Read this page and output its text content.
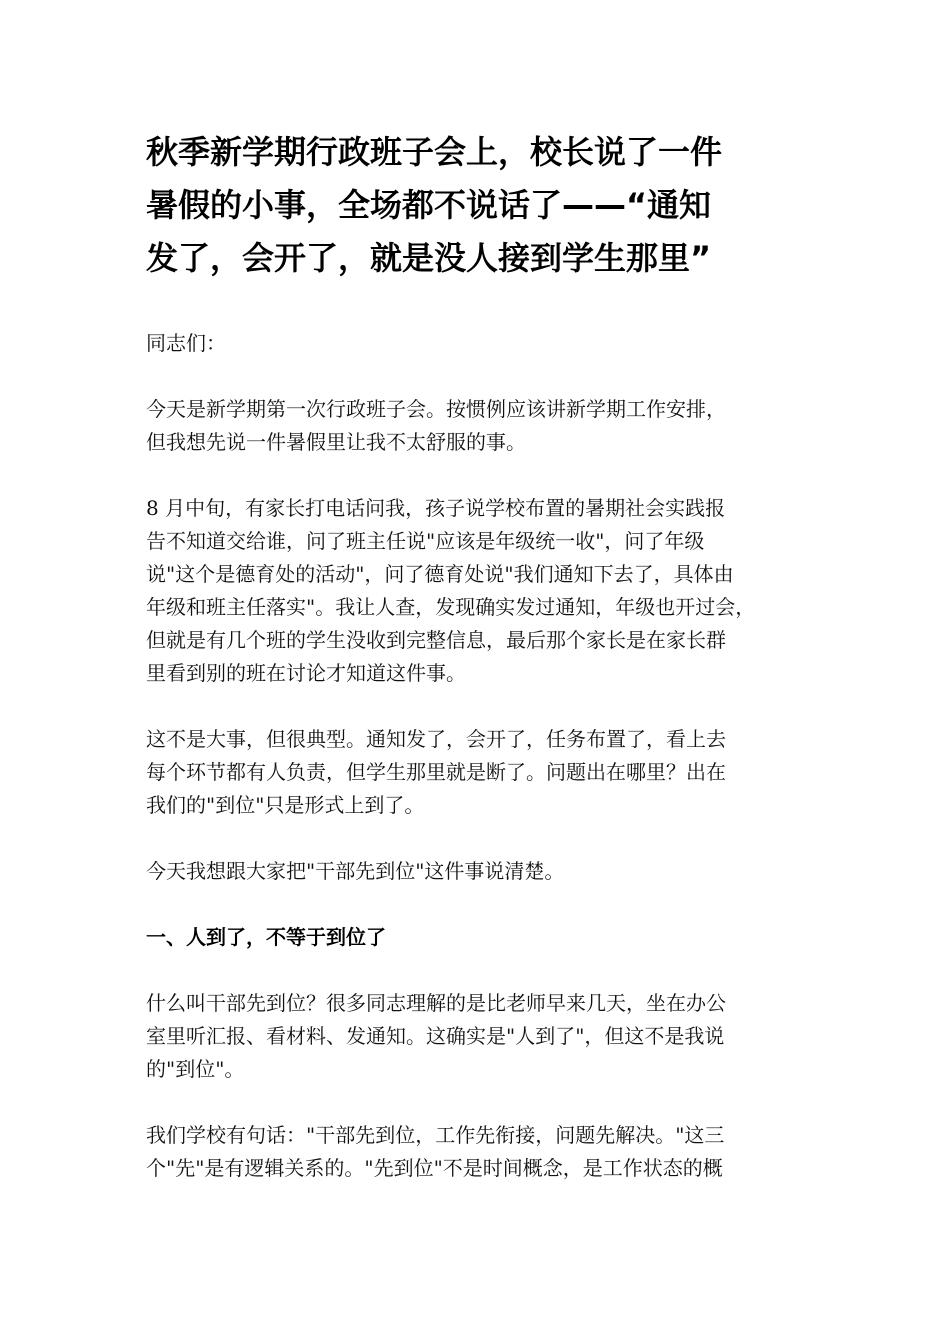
秋季新学期行政班子会上，校长说了一件
暑假的小事，全场都不说话了——“通知
发了，会开了，就是没人接到学生那里”

同志们：

今天是新学期第一次行政班子会。按惯例应该讲新学期工作安排，
但我想先说一件暑假里让我不太舒服的事。

8 月中旬，有家长打电话问我，孩子说学校布置的暑期社会实践报
告不知道交给谁，问了班主任说"应该是年级统一收"，问了年级
说"这个是德育处的活动"，问了德育处说"我们通知下去了，具体由
年级和班主任落实"。我让人查，发现确实发过通知，年级也开过会，
但就是有几个班的学生没收到完整信息，最后那个家长是在家长群
里看到别的班在讨论才知道这件事。

这不是大事，但很典型。通知发了，会开了，任务布置了，看上去
每个环节都有人负责，但学生那里就是断了。问题出在哪里？出在
我们的"到位"只是形式上到了。

今天我想跟大家把"干部先到位"这件事说清楚。

一、人到了，不等于到位了

什么叫干部先到位？很多同志理解的是比老师早来几天，坐在办公
室里听汇报、看材料、发通知。这确实是"人到了"，但这不是我说
的"到位"。

我们学校有句话："干部先到位，工作先衔接，问题先解决。"这三
个"先"是有逻辑关系的。"先到位"不是时间概念，是工作状态的概
